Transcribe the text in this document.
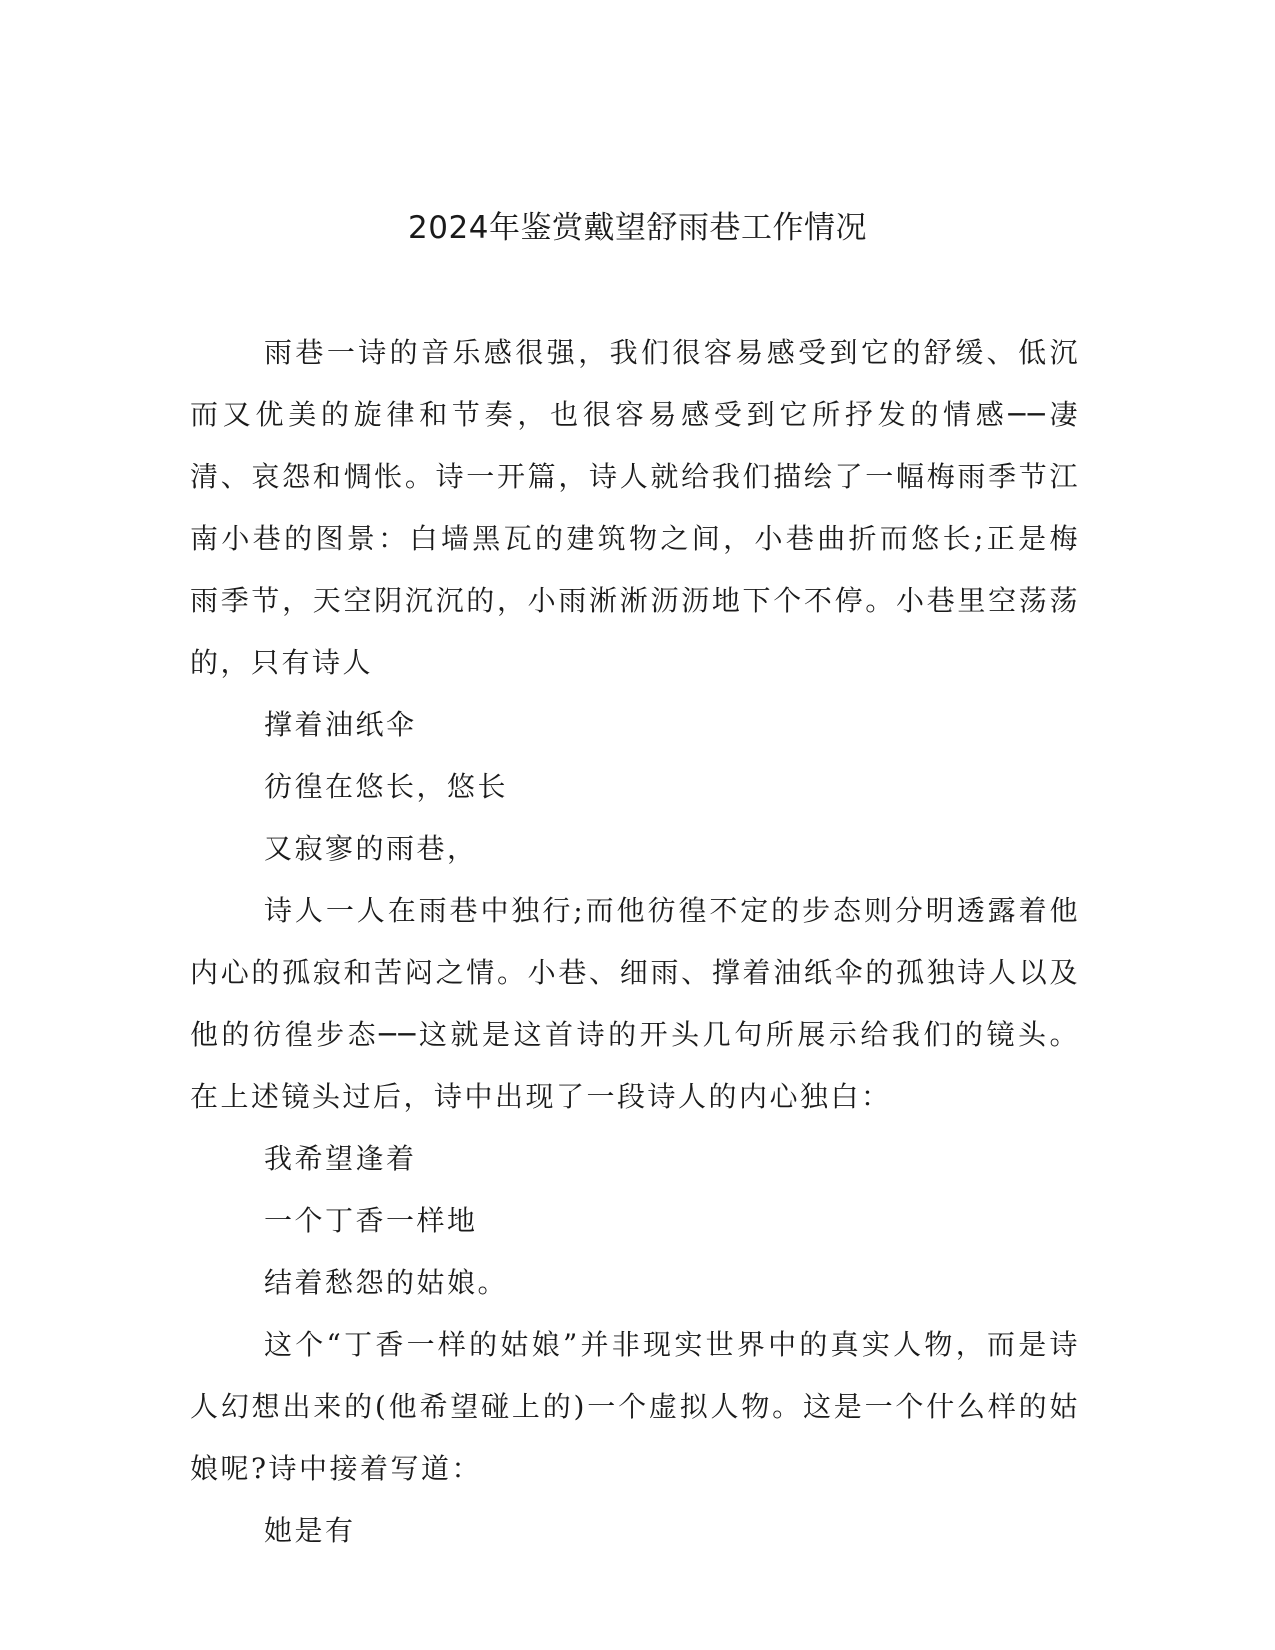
2024年鉴赏戴望舒雨巷工作情况

雨巷一诗的音乐感很强，我们很容易感受到它的舒缓、低沉而又优美的旋律和节奏，也很容易感受到它所抒发的情感──凄清、哀怨和惆怅。诗一开篇，诗人就给我们描绘了一幅梅雨季节江南小巷的图景：白墙黑瓦的建筑物之间，小巷曲折而悠长;正是梅雨季节，天空阴沉沉的，小雨淅淅沥沥地下个不停。小巷里空荡荡的，只有诗人

撑着油纸伞

彷徨在悠长，悠长

又寂寥的雨巷，

诗人一人在雨巷中独行;而他彷徨不定的步态则分明透露着他内心的孤寂和苦闷之情。小巷、细雨、撑着油纸伞的孤独诗人以及他的彷徨步态──这就是这首诗的开头几句所展示给我们的镜头。在上述镜头过后，诗中出现了一段诗人的内心独白：

我希望逢着

一个丁香一样地

结着愁怨的姑娘。

这个“丁香一样的姑娘”并非现实世界中的真实人物，而是诗人幻想出来的(他希望碰上的)一个虚拟人物。这是一个什么样的姑娘呢?诗中接着写道：

她是有
